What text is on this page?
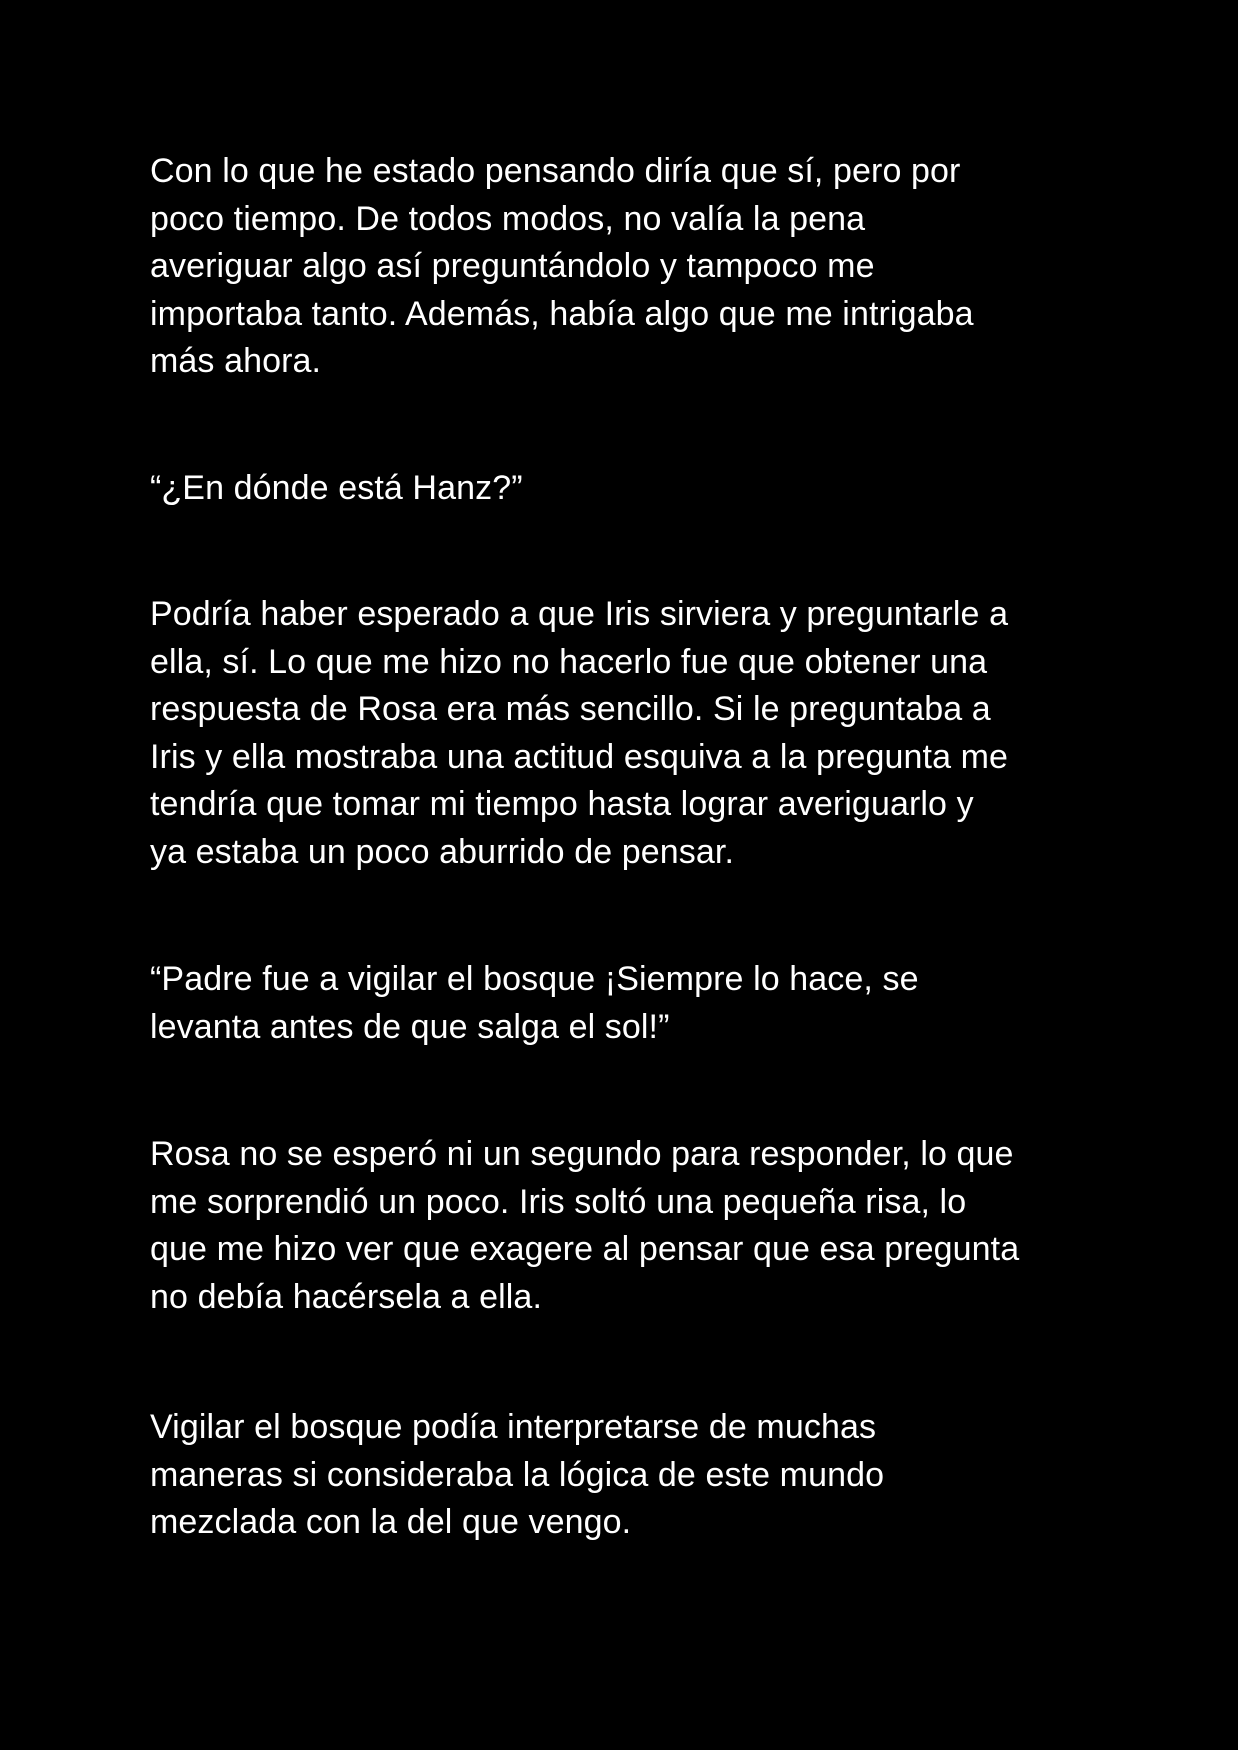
Con lo que he estado pensando diría que sí, pero por
poco tiempo. De todos modos, no valía la pena
averiguar algo así preguntándolo y tampoco me
importaba tanto. Además, había algo que me intrigaba
más ahora.

“¿En dónde está Hanz?”

Podría haber esperado a que Iris sirviera y preguntarle a
ella, sí. Lo que me hizo no hacerlo fue que obtener una
respuesta de Rosa era más sencillo. Si le preguntaba a
Iris y ella mostraba una actitud esquiva a la pregunta me
tendría que tomar mi tiempo hasta lograr averiguarlo y
ya estaba un poco aburrido de pensar.

“Padre fue a vigilar el bosque ¡Siempre lo hace, se
levanta antes de que salga el sol!”

Rosa no se esperó ni un segundo para responder, lo que
me sorprendió un poco. Iris soltó una pequeña risa, lo
que me hizo ver que exagere al pensar que esa pregunta
no debía hacérsela a ella.

Vigilar el bosque podía interpretarse de muchas
maneras si consideraba la lógica de este mundo
mezclada con la del que vengo.
